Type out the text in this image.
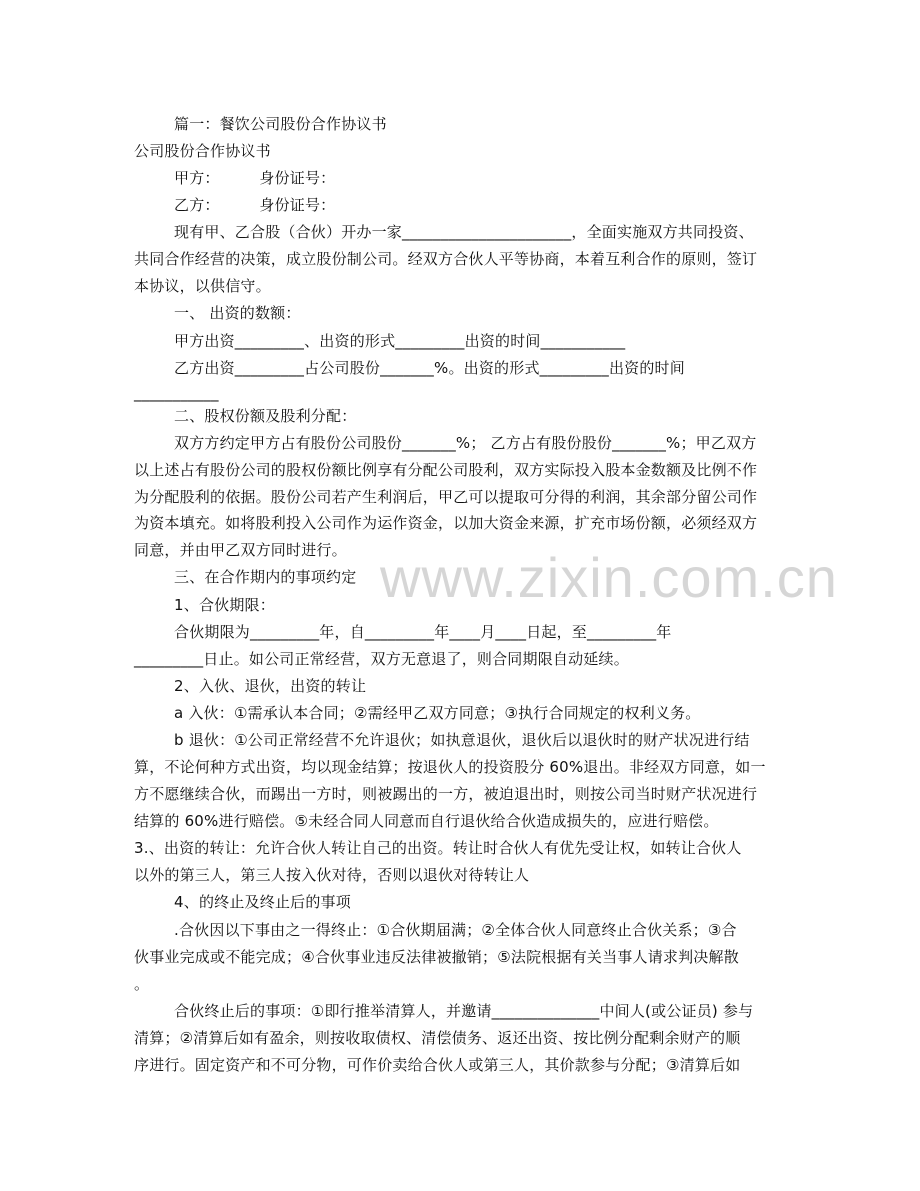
篇一：餐饮公司股份合作协议书
公司股份合作协议书
甲方：        身份证号：
乙方：        身份证号：
现有甲、乙合股（合伙）开办一家______________________，全面实施双方共同投资、
共同合作经营的决策，成立股份制公司。经双方合伙人平等协商，本着互利合作的原则，签订
本协议，以供信守。
一、 出资的数额：
甲方出资_________、出资的形式_________出资的时间___________
乙方出资_________占公司股份_______%。出资的形式_________出资的时间
___________
二、股权份额及股利分配：
双方方约定甲方占有股份公司股份_______%； 乙方占有股份股份_______%；甲乙双方
以上述占有股份公司的股权份额比例享有分配公司股利，双方实际投入股本金数额及比例不作
为分配股利的依据。股份公司若产生利润后，甲乙可以提取可分得的利润，其余部分留公司作
为资本填充。如将股利投入公司作为运作资金，以加大资金来源，扩充市场份额，必须经双方
同意，并由甲乙双方同时进行。
三、在合作期内的事项约定
1、合伙期限：
合伙期限为_________年，自_________年____月____日起，至_________年
_________日止。如公司正常经营，双方无意退了，则合同期限自动延续。
2、入伙、退伙，出资的转让
a 入伙：①需承认本合同；②需经甲乙双方同意；③执行合同规定的权利义务。
b 退伙：①公司正常经营不允许退伙；如执意退伙，退伙后以退伙时的财产状况进行结
算，不论何种方式出资，均以现金结算；按退伙人的投资股分 60%退出。非经双方同意，如一
方不愿继续合伙，而踢出一方时，则被踢出的一方，被迫退出时，则按公司当时财产状况进行
结算的 60%进行赔偿。⑤未经合同人同意而自行退伙给合伙造成损失的，应进行赔偿。
3.、出资的转让：允许合伙人转让自己的出资。转让时合伙人有优先受让权，如转让合伙人
以外的第三人，第三人按入伙对待，否则以退伙对待转让人
4、的终止及终止后的事项
.合伙因以下事由之一得终止：①合伙期届满；②全体合伙人同意终止合伙关系；③合
伙事业完成或不能完成；④合伙事业违反法律被撤销；⑤法院根据有关当事人请求判决解散
。
合伙终止后的事项：①即行推举清算人，并邀请______________中间人(或公证员) 参与
清算；②清算后如有盈余，则按收取债权、清偿债务、返还出资、按比例分配剩余财产的顺
序进行。固定资产和不可分物，可作价卖给合伙人或第三人，其价款参与分配；③清算后如
www.zixin.com.cn
